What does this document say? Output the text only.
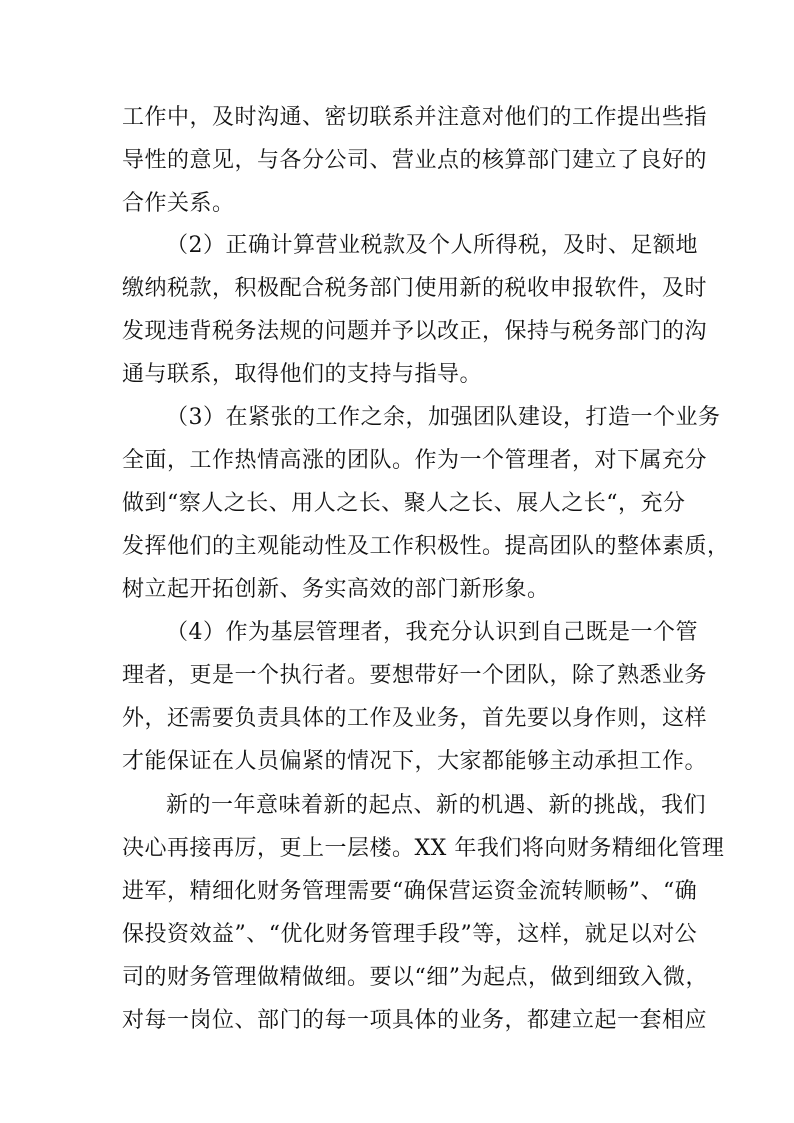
工作中，及时沟通、密切联系并注意对他们的工作提出些指
导性的意见，与各分公司、营业点的核算部门建立了良好的
合作关系。
（2）正确计算营业税款及个人所得税，及时、足额地
缴纳税款，积极配合税务部门使用新的税收申报软件，及时
发现违背税务法规的问题并予以改正，保持与税务部门的沟
通与联系，取得他们的支持与指导。
（3）在紧张的工作之余，加强团队建设，打造一个业务
全面，工作热情高涨的团队。作为一个管理者，对下属充分
做到“察人之长、用人之长、聚人之长、展人之长“，充分
发挥他们的主观能动性及工作积极性。提高团队的整体素质，
树立起开拓创新、务实高效的部门新形象。
（4）作为基层管理者，我充分认识到自己既是一个管
理者，更是一个执行者。要想带好一个团队，除了熟悉业务
外，还需要负责具体的工作及业务，首先要以身作则，这样
才能保证在人员偏紧的情况下，大家都能够主动承担工作。
新的一年意味着新的起点、新的机遇、新的挑战，我们
决心再接再厉，更上一层楼。XX 年我们将向财务精细化管理
进军，精细化财务管理需要“确保营运资金流转顺畅”、“确
保投资效益”、“优化财务管理手段”等，这样，就足以对公
司的财务管理做精做细。要以“细”为起点，做到细致入微，
对每一岗位、部门的每一项具体的业务，都建立起一套相应
